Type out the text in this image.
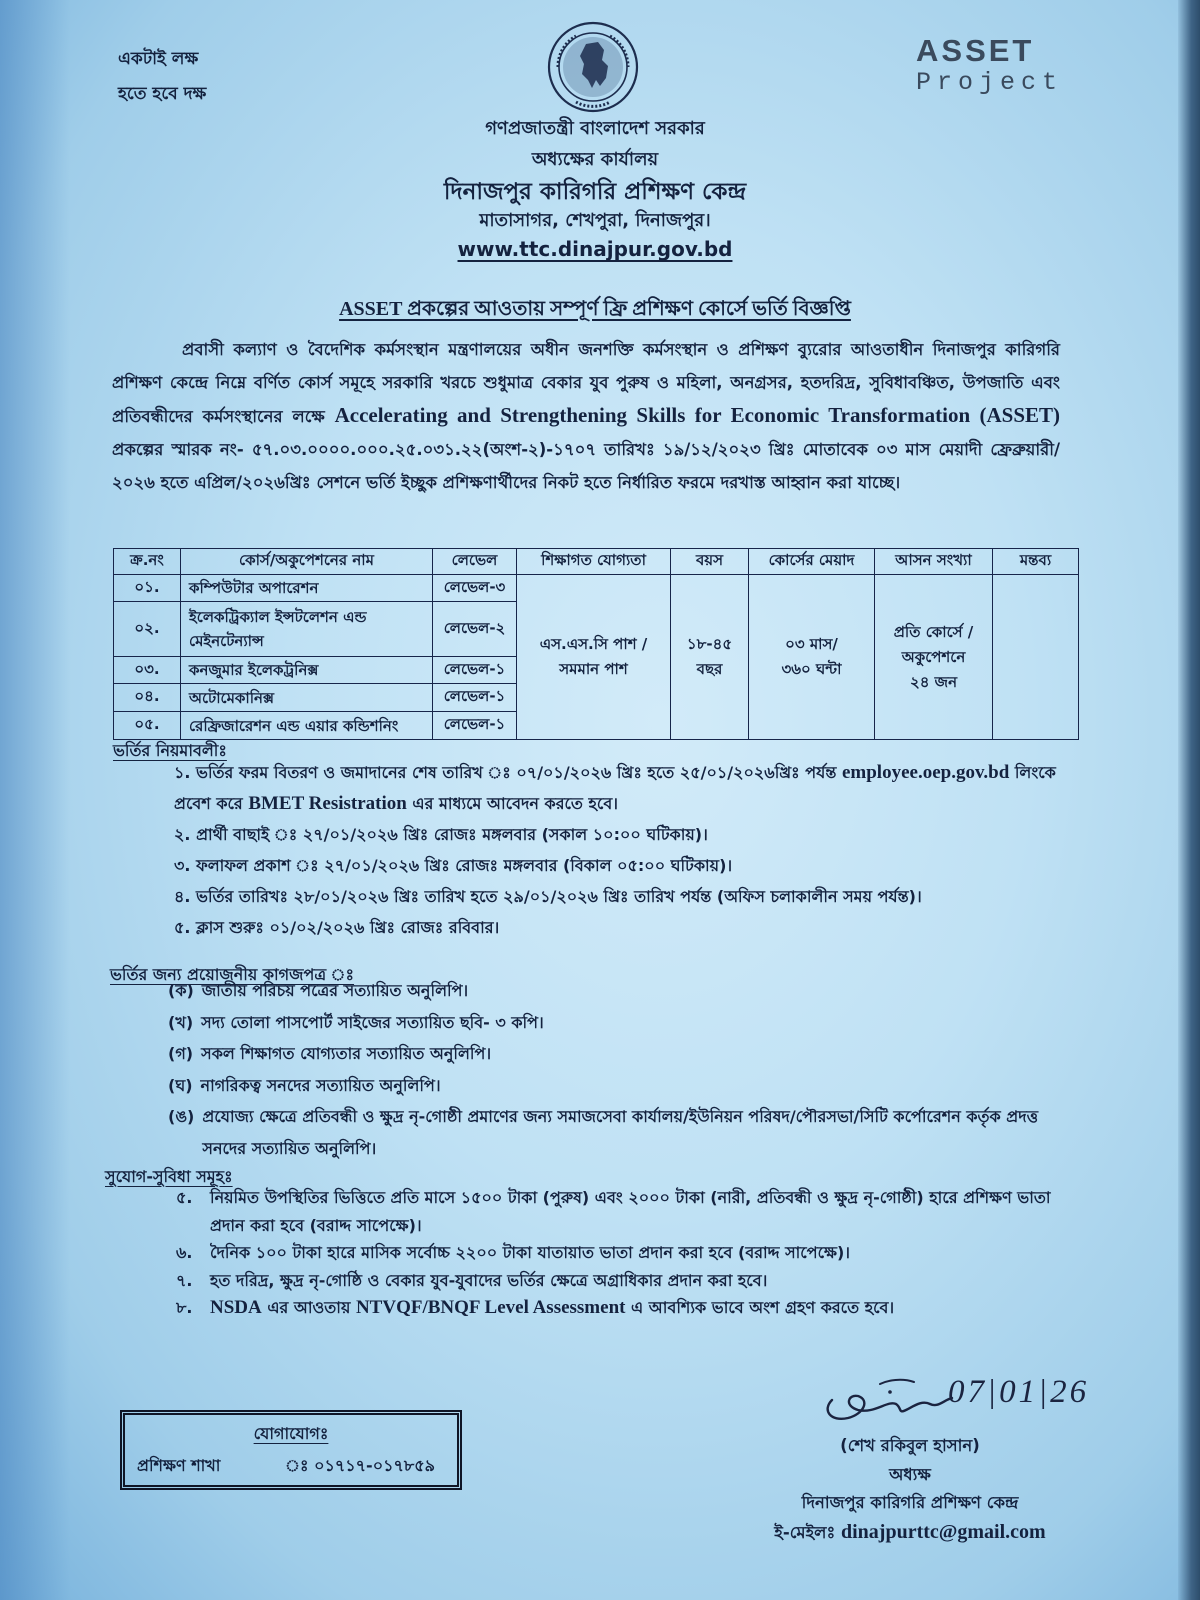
একটাই লক্ষ
হতে হবে দক্ষ
ASSET
Project
গণপ্রজাতন্ত্রী বাংলাদেশ সরকার
অধ্যক্ষের কার্যালয়
দিনাজপুর কারিগরি প্রশিক্ষণ কেন্দ্র
মাতাসাগর, শেখপুরা, দিনাজপুর।
www.ttc.dinajpur.gov.bd
ASSET প্রকল্পের আওতায় সম্পূর্ণ ফ্রি প্রশিক্ষণ কোর্সে ভর্তি বিজ্ঞপ্তি
প্রবাসী কল্যাণ ও বৈদেশিক কর্মসংস্থান মন্ত্রণালয়ের অধীন জনশক্তি কর্মসংস্থান ও প্রশিক্ষণ ব্যুরোর আওতাধীন দিনাজপুর কারিগরি প্রশিক্ষণ কেন্দ্রে নিম্নে বর্ণিত কোর্স সমূহে সরকারি খরচে শুধুমাত্র বেকার যুব পুরুষ ও মহিলা, অনগ্রসর, হতদরিদ্র, সুবিধাবঞ্চিত, উপজাতি এবং প্রতিবন্ধীদের কর্মসংস্থানের লক্ষে Accelerating and Strengthening Skills for Economic Transformation (ASSET) প্রকল্পের স্মারক নং- ৫৭.০৩.০০০০.০০০.২৫.০৩১.২২(অংশ-২)-১৭০৭ তারিখঃ ১৯/১২/২০২৩ খ্রিঃ মোতাবেক ০৩ মাস মেয়াদী ফ্রেব্রুয়ারী/২০২৬ হতে এপ্রিল/২০২৬খ্রিঃ সেশনে ভর্তি ইচ্ছুক প্রশিক্ষণার্থীদের নিকট হতে নির্ধারিত ফরমে দরখাস্ত আহ্বান করা যাচ্ছে।
ক্র.নং	কোর্স/অকুপেশনের নাম	লেভেল	শিক্ষাগত যোগ্যতা	বয়স	কোর্সের মেয়াদ	আসন সংখ্যা	মন্তব্য
০১.	কম্পিউটার অপারেশন	লেভেল-৩	এস.এস.সি পাশ /
সমমান পাশ	১৮-৪৫
বছর	০৩ মাস/
৩৬০ ঘন্টা	প্রতি কোর্সে /
অকুপেশনে
২৪ জন	

০২.	ইলেকট্রিক্যাল ইন্সটলেশন এন্ড মেইনটেন্যান্স	লেভেল-২					
০৩.	কনজুমার ইলেকট্রনিক্স	লেভেল-১					
০৪.	অটোমেকানিক্স	লেভেল-১					
০৫.	রেফ্রিজারেশন এন্ড এয়ার কন্ডিশনিং	লেভেল-১					
ভর্তির নিয়মাবলীঃ
১. ভর্তির ফরম বিতরণ ও জমাদানের শেষ তারিখ ঃ ০৭/০১/২০২৬ খ্রিঃ হতে ২৫/০১/২০২৬খ্রিঃ পর্যন্ত employee.oep.gov.bd লিংকে প্রবেশ করে BMET Resistration এর মাধ্যমে আবেদন করতে হবে।
২. প্রার্থী বাছাই ঃ ২৭/০১/২০২৬ খ্রিঃ রোজঃ মঙ্গলবার (সকাল ১০:০০ ঘটিকায়)।
৩. ফলাফল প্রকাশ ঃ ২৭/০১/২০২৬ খ্রিঃ রোজঃ মঙ্গলবার (বিকাল ০৫:০০ ঘটিকায়)।
৪. ভর্তির তারিখঃ ২৮/০১/২০২৬ খ্রিঃ তারিখ হতে ২৯/০১/২০২৬ খ্রিঃ তারিখ পর্যন্ত (অফিস চলাকালীন সময় পর্যন্ত)।
৫. ক্লাস শুরুঃ ০১/০২/২০২৬ খ্রিঃ রোজঃ রবিবার।
ভর্তির জন্য প্রয়োজনীয় কাগজপত্র ঃ
(ক) জাতীয় পরিচয় পত্রের সত্যায়িত অনুলিপি।
(খ) সদ্য তোলা পাসপোর্ট সাইজের সত্যায়িত ছবি- ৩ কপি।
(গ) সকল শিক্ষাগত যোগ্যতার সত্যায়িত অনুলিপি।
(ঘ) নাগরিকত্ব সনদের সত্যায়িত অনুলিপি।
(ঙ) প্রযোজ্য ক্ষেত্রে প্রতিবন্ধী ও ক্ষুদ্র নৃ-গোষ্ঠী প্রমাণের জন্য সমাজসেবা কার্যালয়/ইউনিয়ন পরিষদ/পৌরসভা/সিটি কর্পোরেশন কর্তৃক প্রদত্ত সনদের সত্যায়িত অনুলিপি।
সুযোগ-সুবিধা সমূহঃ
৫.	নিয়মিত উপস্থিতির ভিত্তিতে প্রতি মাসে ১৫০০ টাকা (পুরুষ) এবং ২০০০ টাকা (নারী, প্রতিবন্ধী ও ক্ষুদ্র নৃ-গোষ্ঠী) হারে প্রশিক্ষণ ভাতা প্রদান করা হবে (বরাদ্দ সাপেক্ষে)।
৬.	দৈনিক ১০০ টাকা হারে মাসিক সর্বোচ্চ ২২০০ টাকা যাতায়াত ভাতা প্রদান করা হবে (বরাদ্দ সাপেক্ষে)।
৭.	হত দরিদ্র, ক্ষুদ্র নৃ-গোষ্ঠি ও বেকার যুব-যুবাদের ভর্তির ক্ষেত্রে অগ্রাধিকার প্রদান করা হবে।
৮. NSDA এর আওতায় NTVQF/BNQF Level Assessment এ আবশ্যিক ভাবে অংশ গ্রহণ করতে হবে।
যোগাযোগঃ
প্রশিক্ষণ শাখা	ঃ ০১৭১৭-০১৭৮৫৯
07|01|26
(শেখ রকিবুল হাসান)
অধ্যক্ষ
দিনাজপুর কারিগরি প্রশিক্ষণ কেন্দ্র
ই-মেইলঃ dinajpurttc@gmail.com
